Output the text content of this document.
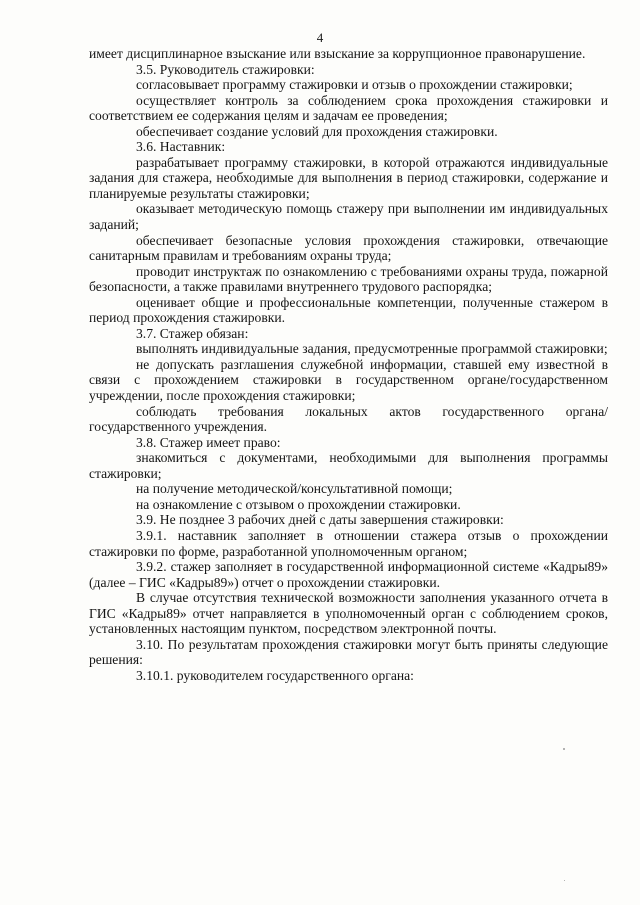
4

имеет дисциплинарное взыскание или взыскание за коррупционное правонарушение.

3.5. Руководитель стажировки:

согласовывает программу стажировки и отзыв о прохождении стажировки;

осуществляет контроль за соблюдением срока прохождения стажировки и соответствием ее содержания целям и задачам ее проведения;

обеспечивает создание условий для прохождения стажировки.

3.6. Наставник:

разрабатывает программу стажировки, в которой отражаются индивидуальные задания для стажера, необходимые для выполнения в период стажировки, содержание и планируемые результаты стажировки;

оказывает методическую помощь стажеру при выполнении им индивидуальных заданий;

обеспечивает безопасные условия прохождения стажировки, отвечающие санитарным правилам и требованиям охраны труда;

проводит инструктаж по ознакомлению с требованиями охраны труда, пожарной безопасности, а также правилами внутреннего трудового распорядка;

оценивает общие и профессиональные компетенции, полученные стажером в период прохождения стажировки.

3.7. Стажер обязан:

выполнять индивидуальные задания, предусмотренные программой стажировки;

не допускать разглашения служебной информации, ставшей ему известной в связи с прохождением стажировки в государственном органе/государственном учреждении, после прохождения стажировки;

соблюдать требования локальных актов государственного органа/государственного учреждения.

3.8. Стажер имеет право:

знакомиться с документами, необходимыми для выполнения программы стажировки;

на получение методической/консультативной помощи;

на ознакомление с отзывом о прохождении стажировки.

3.9. Не позднее 3 рабочих дней с даты завершения стажировки:

3.9.1. наставник заполняет в отношении стажера отзыв о прохождении стажировки по форме, разработанной уполномоченным органом;

3.9.2. стажер заполняет в государственной информационной системе «Кадры89» (далее – ГИС «Кадры89») отчет о прохождении стажировки.

В случае отсутствия технической возможности заполнения указанного отчета в ГИС «Кадры89» отчет направляется в уполномоченный орган с соблюдением сроков, установленных настоящим пунктом, посредством электронной почты.

3.10. По результатам прохождения стажировки могут быть приняты следующие решения:

3.10.1. руководителем государственного органа:
